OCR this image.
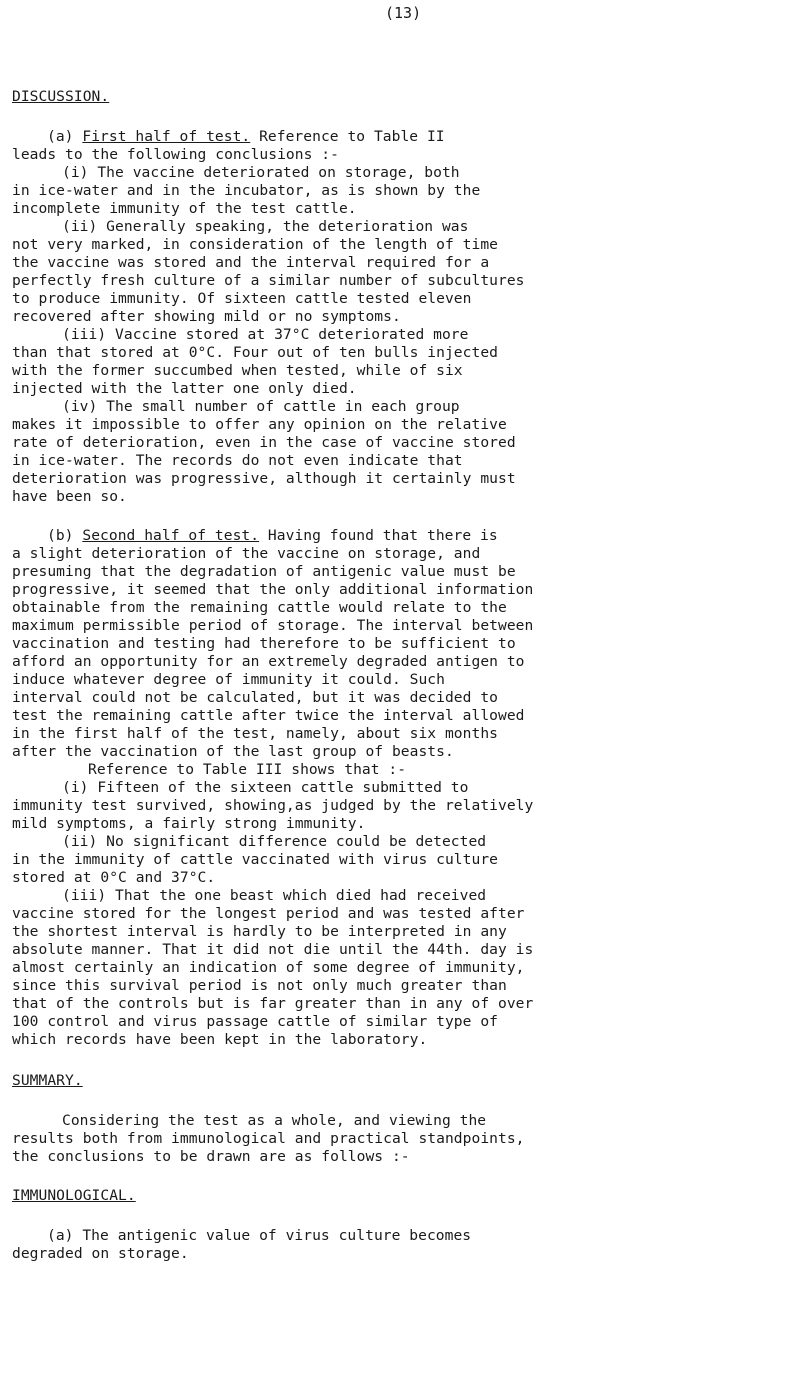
(13)
DISCUSSION.
(a) First half of test. Reference to Table II
leads to the following conclusions :-
(i) The vaccine deteriorated on storage, both
in ice-water and in the incubator, as is shown by the
incomplete immunity of the test cattle.
(ii) Generally speaking, the deterioration was
not very marked, in consideration of the length of time
the vaccine was stored and the interval required for a
perfectly fresh culture of a similar number of subcultures
to produce immunity. Of sixteen cattle tested eleven
recovered after showing mild or no symptoms.
(iii) Vaccine stored at 37°C deteriorated more
than that stored at 0°C. Four out of ten bulls injected
with the former succumbed when tested, while of six
injected with the latter one only died.
(iv) The small number of cattle in each group
makes it impossible to offer any opinion on the relative
rate of deterioration, even in the case of vaccine stored
in ice-water. The records do not even indicate that
deterioration was progressive, although it certainly must
have been so.
(b) Second half of test. Having found that there is
a slight deterioration of the vaccine on storage, and
presuming that the degradation of antigenic value must be
progressive, it seemed that the only additional information
obtainable from the remaining cattle would relate to the
maximum permissible period of storage. The interval between
vaccination and testing had therefore to be sufficient to
afford an opportunity for an extremely degraded antigen to
induce whatever degree of immunity it could. Such
interval could not be calculated, but it was decided to
test the remaining cattle after twice the interval allowed
in the first half of the test, namely, about six months
after the vaccination of the last group of beasts.
Reference to Table III shows that :-
(i) Fifteen of the sixteen cattle submitted to
immunity test survived, showing,as judged by the relatively
mild symptoms, a fairly strong immunity.
(ii) No significant difference could be detected
in the immunity of cattle vaccinated with virus culture
stored at 0°C and 37°C.
(iii) That the one beast which died had received
vaccine stored for the longest period and was tested after
the shortest interval is hardly to be interpreted in any
absolute manner. That it did not die until the 44th. day is
almost certainly an indication of some degree of immunity,
since this survival period is not only much greater than
that of the controls but is far greater than in any of over
100 control and virus passage cattle of similar type of
which records have been kept in the laboratory.
SUMMARY.
Considering the test as a whole, and viewing the
results both from immunological and practical standpoints,
the conclusions to be drawn are as follows :-
IMMUNOLOGICAL.
(a) The antigenic value of virus culture becomes
degraded on storage.
